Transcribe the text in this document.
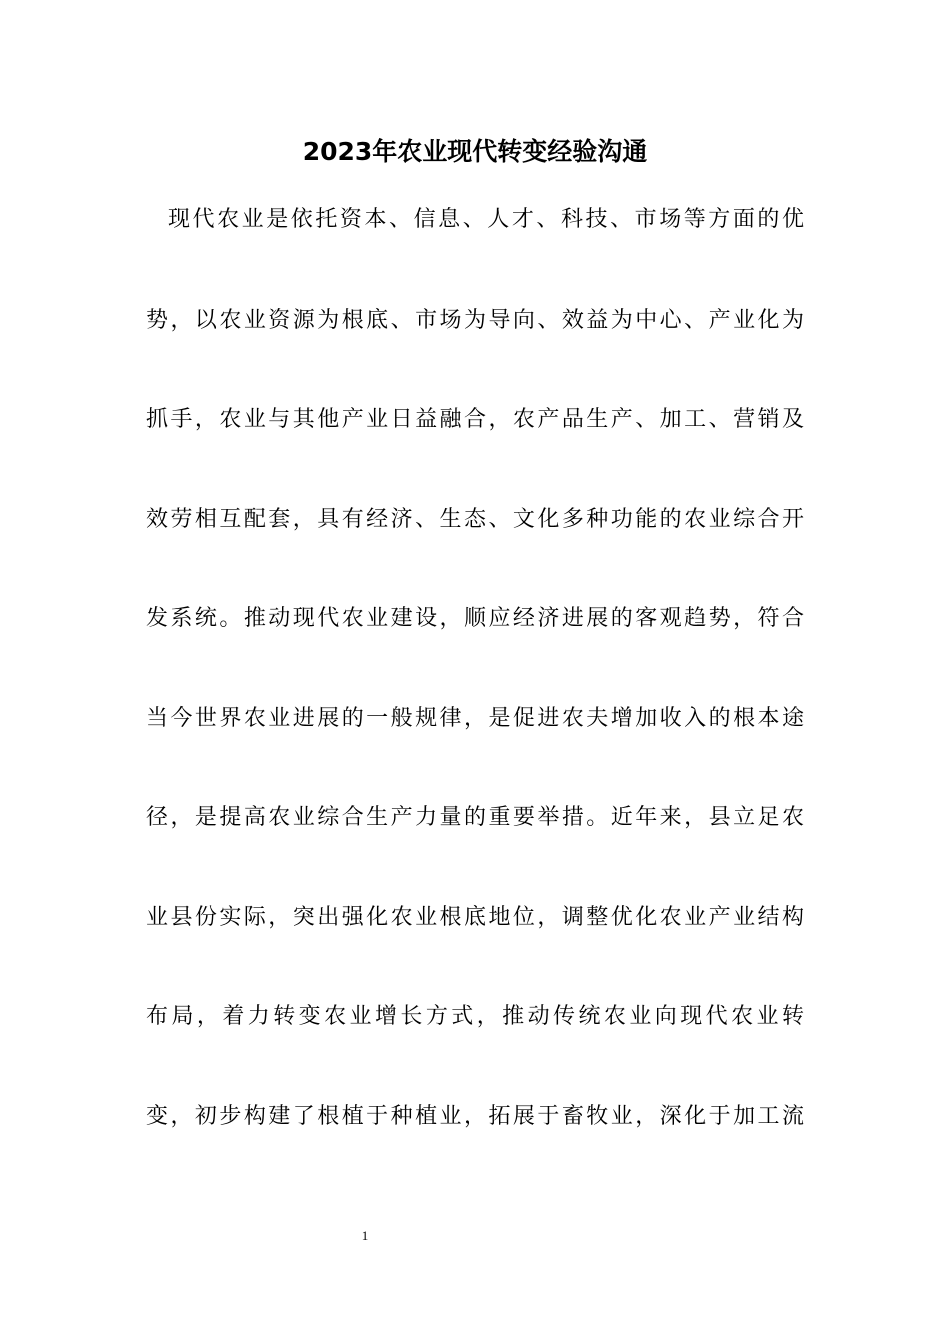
2023年农业现代转变经验沟通
现代农业是依托资本、信息、人才、科技、市场等方面的优
势，以农业资源为根底、市场为导向、效益为中心、产业化为
抓手，农业与其他产业日益融合，农产品生产、加工、营销及
效劳相互配套，具有经济、生态、文化多种功能的农业综合开
发系统。推动现代农业建设，顺应经济进展的客观趋势，符合
当今世界农业进展的一般规律，是促进农夫增加收入的根本途
径，是提高农业综合生产力量的重要举措。近年来，县立足农
业县份实际，突出强化农业根底地位，调整优化农业产业结构
布局，着力转变农业增长方式，推动传统农业向现代农业转
变，初步构建了根植于种植业，拓展于畜牧业，深化于加工流
1
